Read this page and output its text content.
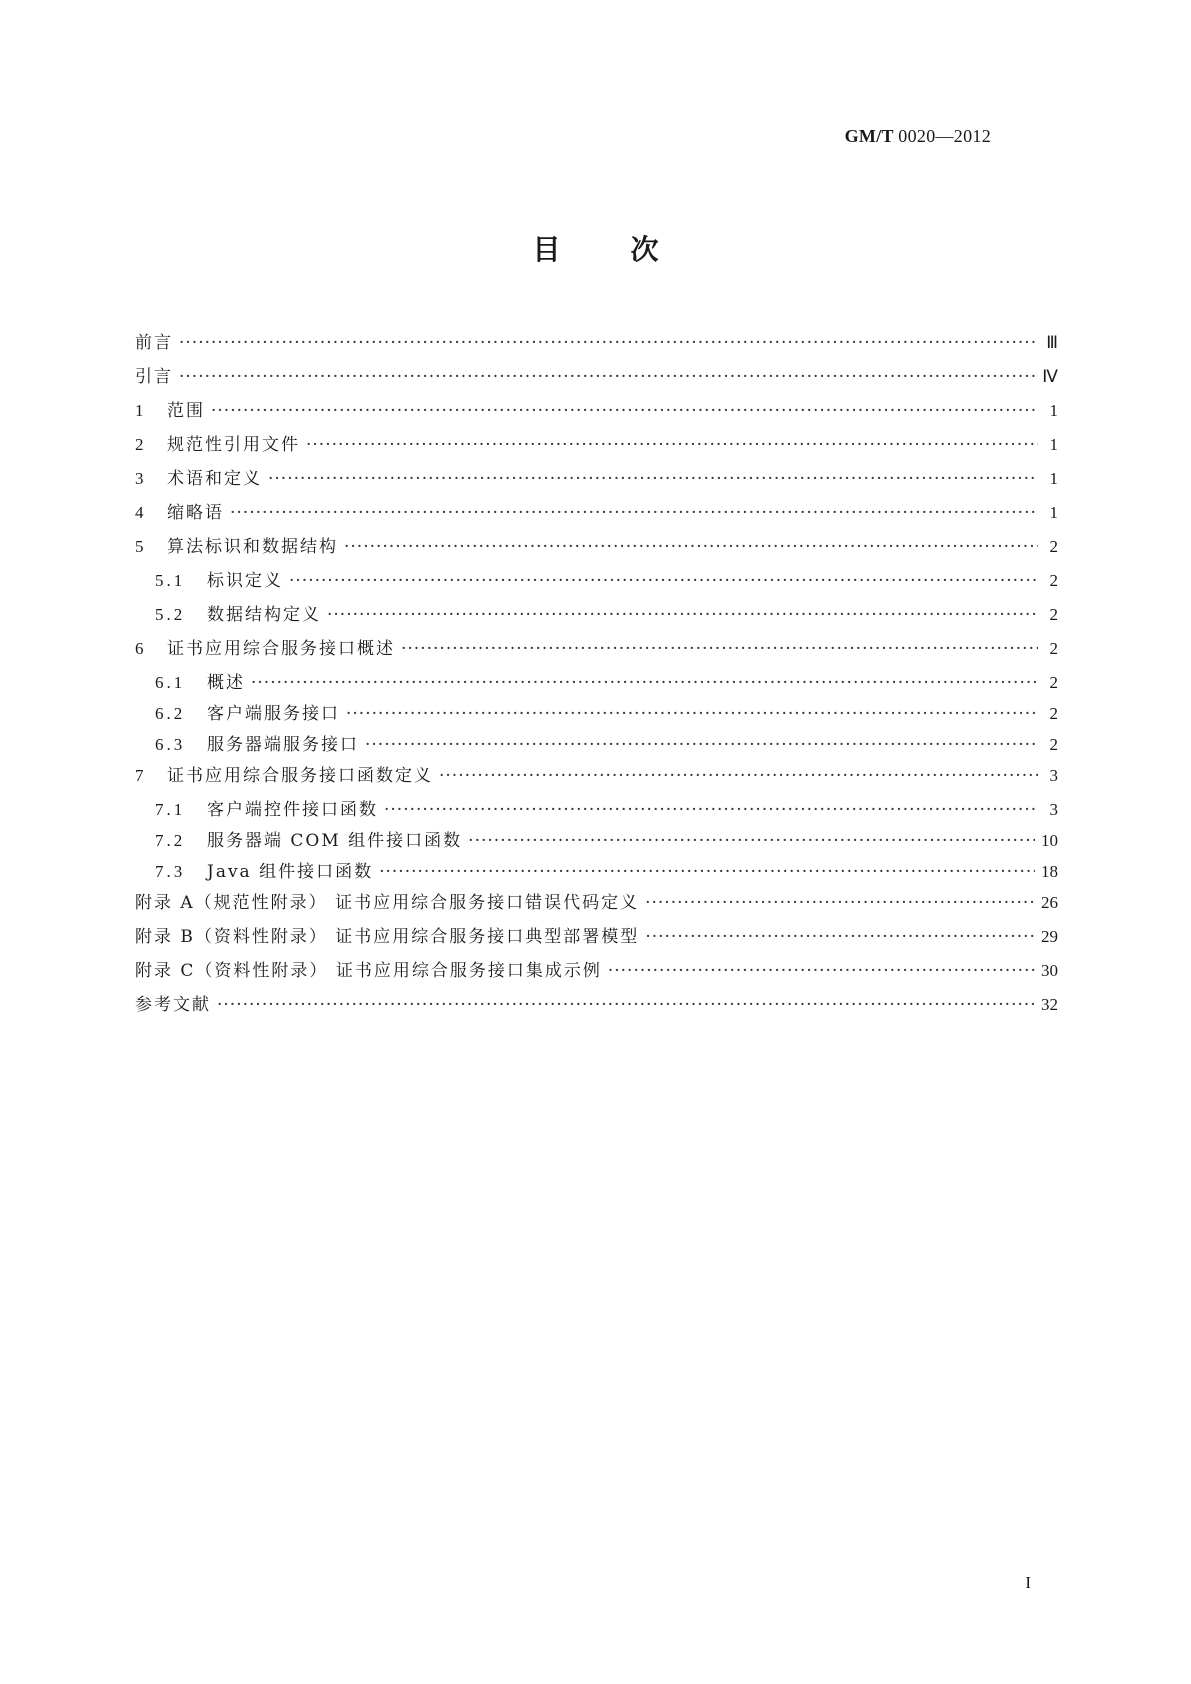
GM/T 0020—2012
目	次
前言 ·····	Ⅲ
引言 ·····	Ⅳ
1	范围 ·····	1
2	规范性引用文件 ·····	1
3	术语和定义 ·····	1
4	缩略语 ·····	1
5	算法标识和数据结构 ·····	2
5.1	标识定义 ·····	2
5.2	数据结构定义 ·····	2
6	证书应用综合服务接口概述 ·····	2
6.1	概述 ·····	2
6.2	客户端服务接口 ·····	2
6.3	服务器端服务接口 ·····	2
7	证书应用综合服务接口函数定义 ·····	3
7.1	客户端控件接口函数 ·····	3
7.2	服务器端 COM 组件接口函数 ·····	10
7.3	Java 组件接口函数 ·····	18
附录 A（规范性附录） 证书应用综合服务接口错误代码定义 ·····	26
附录 B（资料性附录） 证书应用综合服务接口典型部署模型 ·····	29
附录 C（资料性附录） 证书应用综合服务接口集成示例 ·····	30
参考文献 ·····	32
I
